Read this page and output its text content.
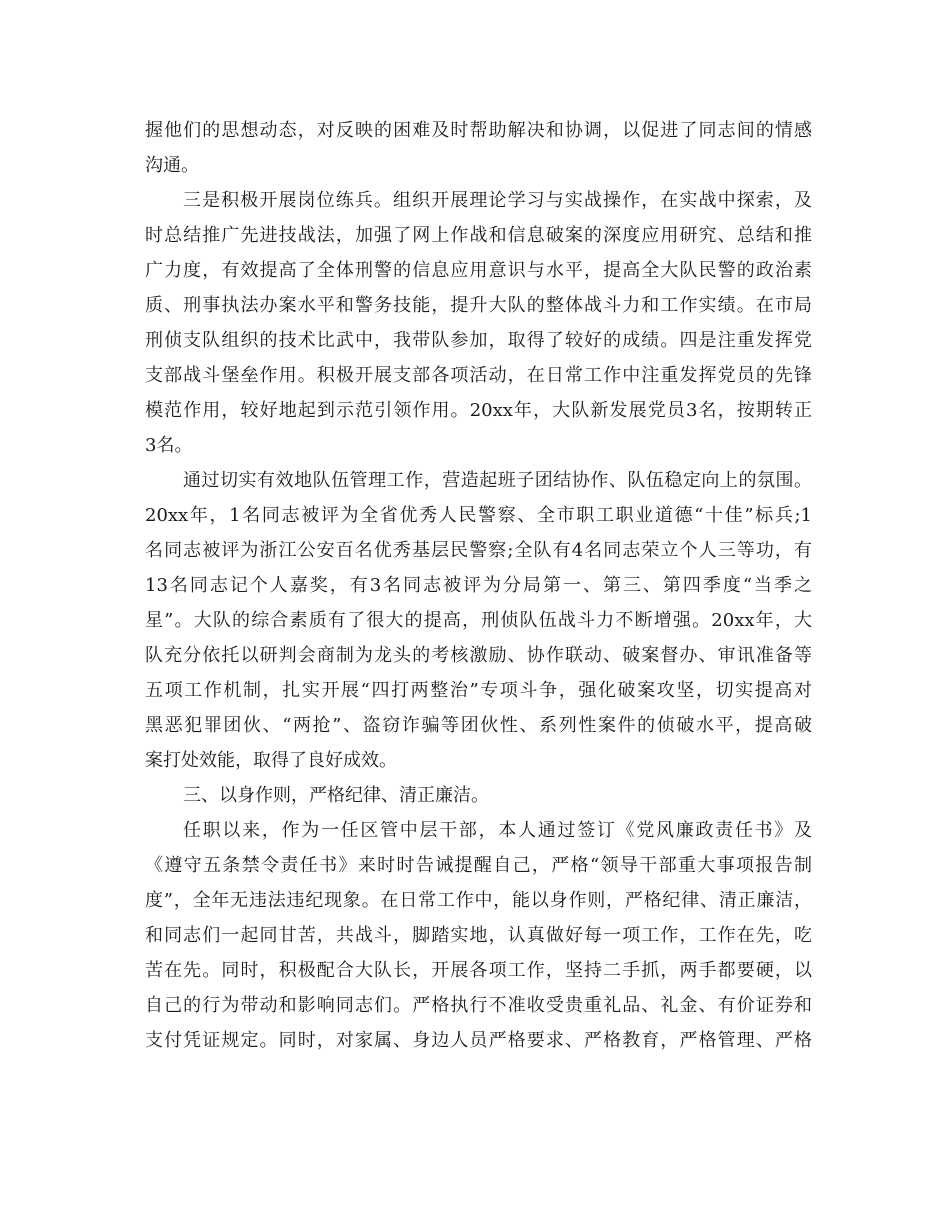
握他们的思想动态，对反映的困难及时帮助解决和协调，以促进了同志间的情感
沟通。
三是积极开展岗位练兵。组织开展理论学习与实战操作，在实战中探索，及
时总结推广先进技战法，加强了网上作战和信息破案的深度应用研究、总结和推
广力度，有效提高了全体刑警的信息应用意识与水平，提高全大队民警的政治素
质、刑事执法办案水平和警务技能，提升大队的整体战斗力和工作实绩。在市局
刑侦支队组织的技术比武中，我带队参加，取得了较好的成绩。四是注重发挥党
支部战斗堡垒作用。积极开展支部各项活动，在日常工作中注重发挥党员的先锋
模范作用，较好地起到示范引领作用。20xx年，大队新发展党员3名，按期转正
3名。
通过切实有效地队伍管理工作，营造起班子团结协作、队伍稳定向上的氛围。
20xx年，1名同志被评为全省优秀人民警察、全市职工职业道德“十佳”标兵;1
名同志被评为浙江公安百名优秀基层民警察;全队有4名同志荣立个人三等功，有
13名同志记个人嘉奖，有3名同志被评为分局第一、第三、第四季度“当季之
星”。大队的综合素质有了很大的提高，刑侦队伍战斗力不断增强。20xx年，大
队充分依托以研判会商制为龙头的考核激励、协作联动、破案督办、审讯准备等
五项工作机制，扎实开展“四打两整治”专项斗争，强化破案攻坚，切实提高对
黑恶犯罪团伙、“两抢”、盗窃诈骗等团伙性、系列性案件的侦破水平，提高破
案打处效能，取得了良好成效。
三、以身作则，严格纪律、清正廉洁。
任职以来，作为一任区管中层干部，本人通过签订《党风廉政责任书》及
《遵守五条禁令责任书》来时时告诫提醒自己，严格“领导干部重大事项报告制
度”，全年无违法违纪现象。在日常工作中，能以身作则，严格纪律、清正廉洁，
和同志们一起同甘苦，共战斗，脚踏实地，认真做好每一项工作，工作在先，吃
苦在先。同时，积极配合大队长，开展各项工作，坚持二手抓，两手都要硬，以
自己的行为带动和影响同志们。严格执行不准收受贵重礼品、礼金、有价证券和
支付凭证规定。同时，对家属、身边人员严格要求、严格教育，严格管理、严格
